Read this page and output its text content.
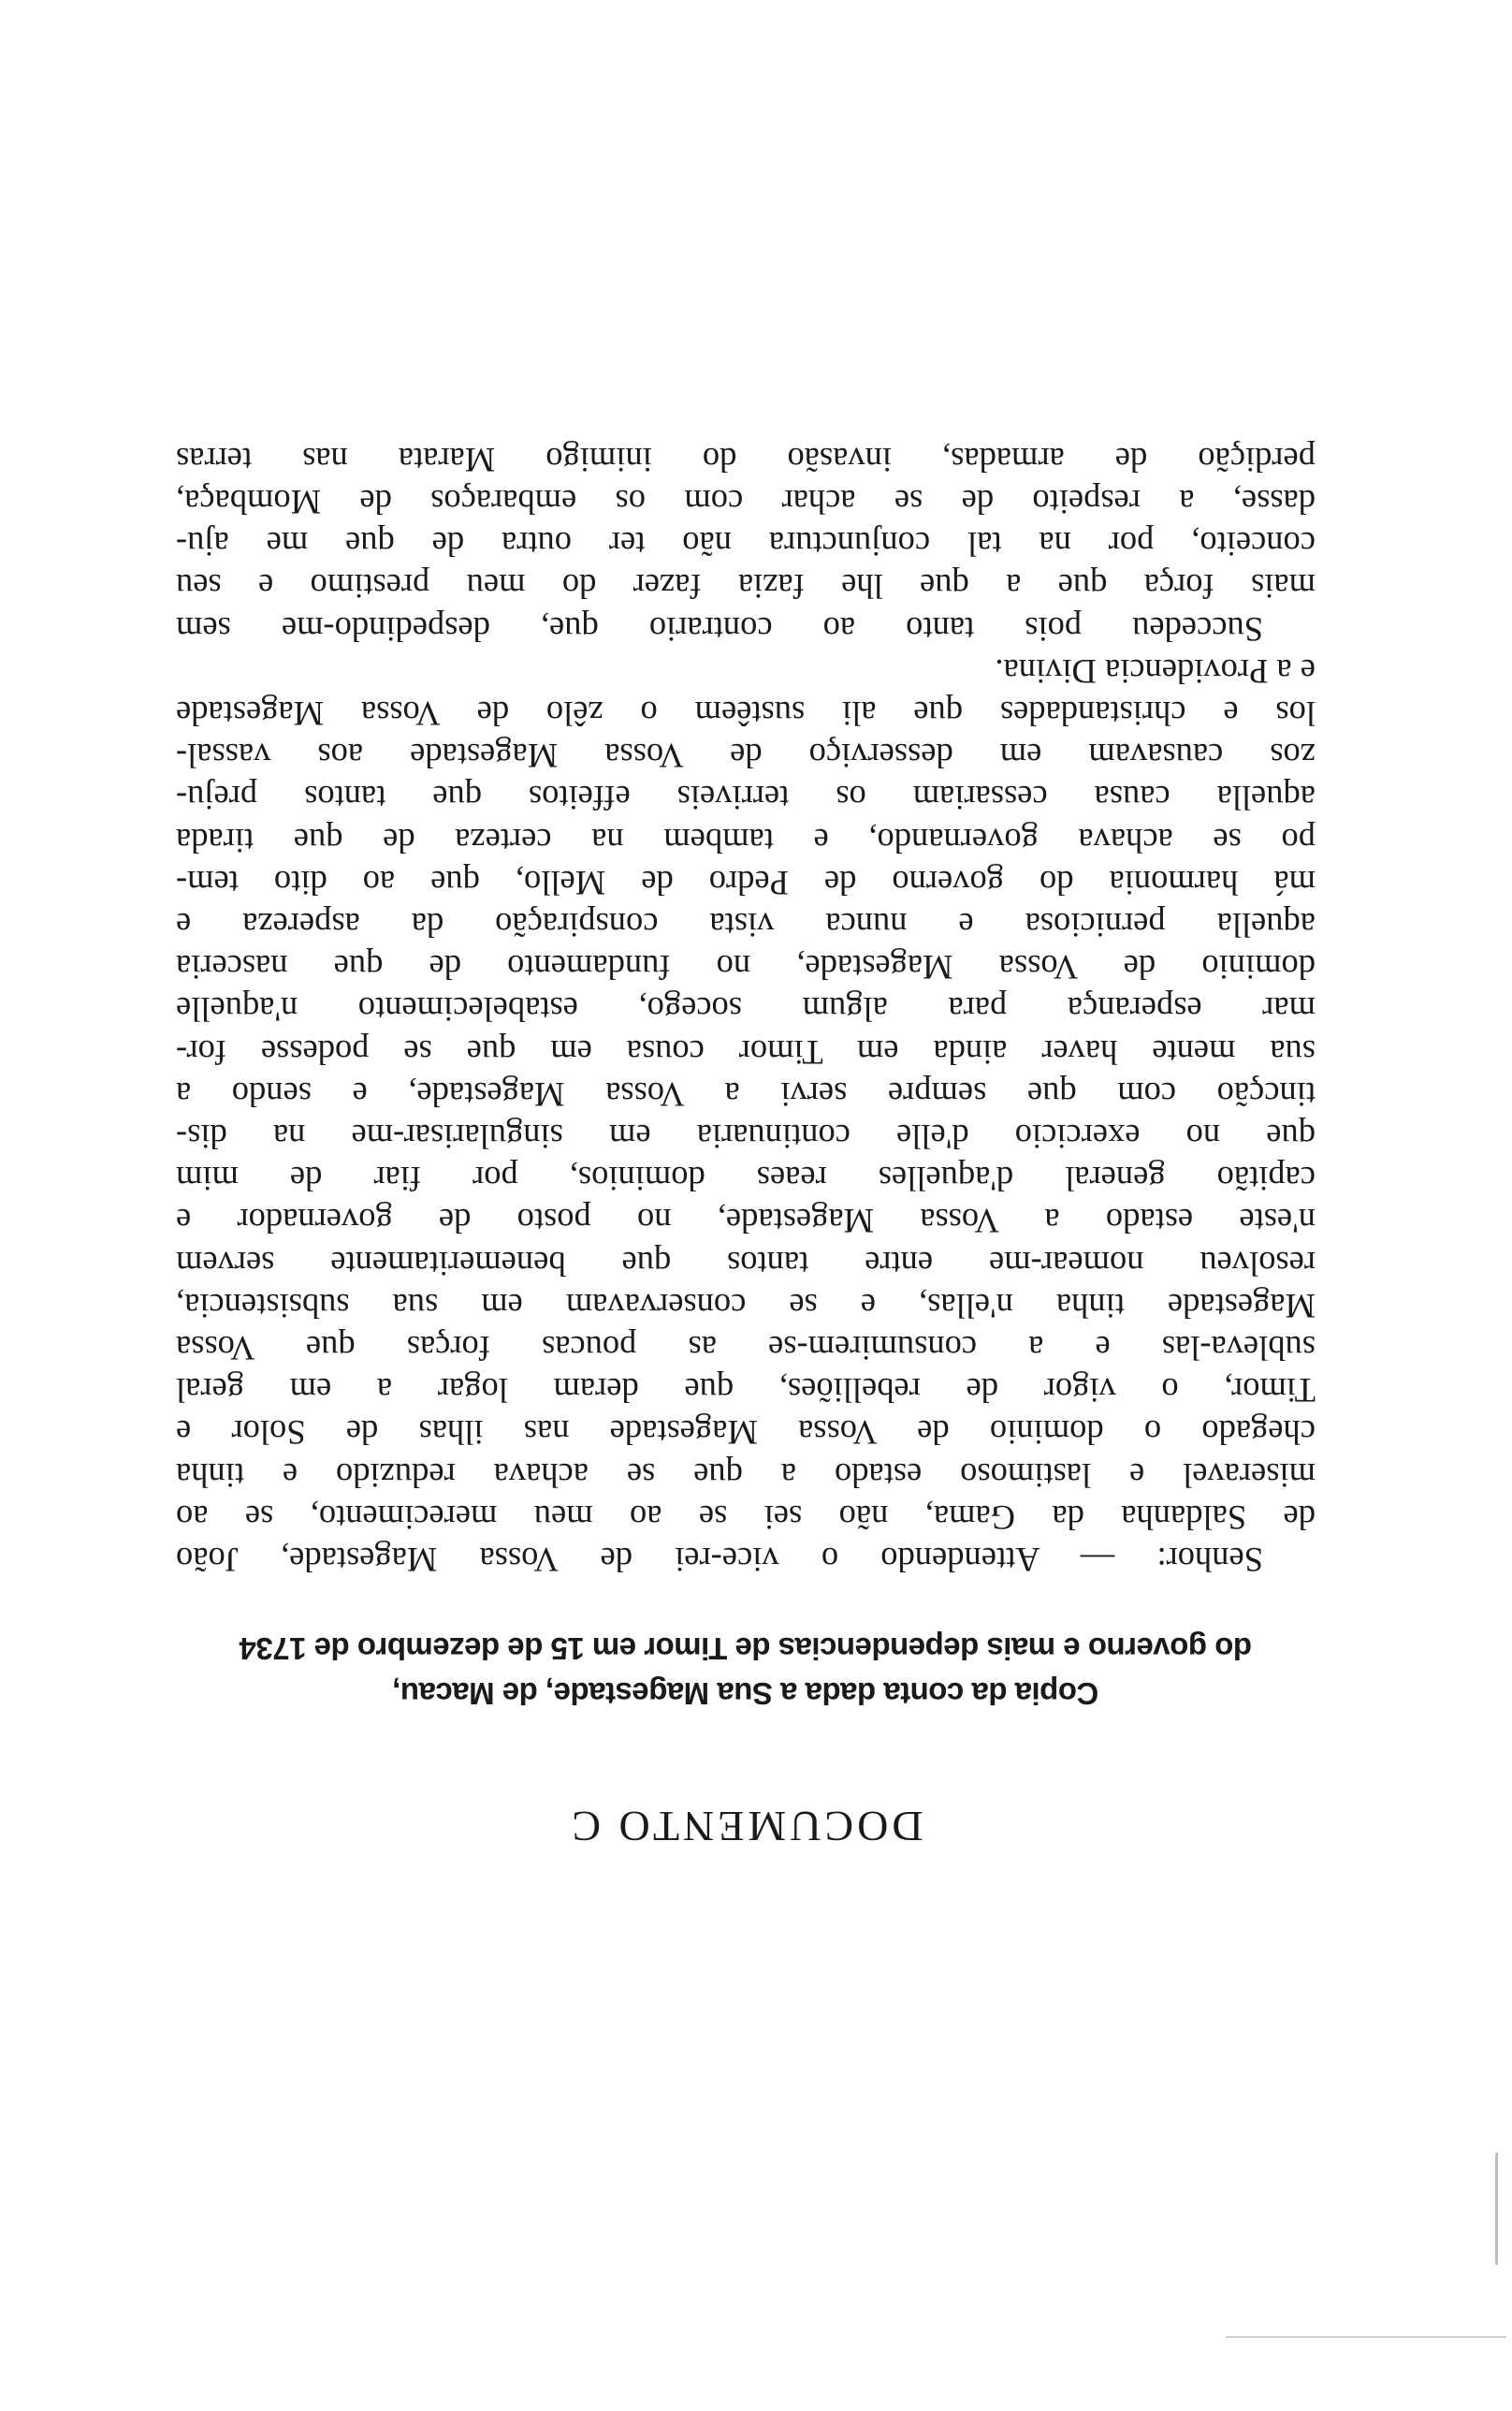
DOCUMENTO C
Copia da conta dada a Sua Magestade, de Macau,
do governo e mais dependencias de Timor em 15 de dezembro de 1734
Senhor: — Attendendo o vice-rei de Vossa Magestade, João
de Saldanha da Gama, não sei se ao meu merecimento, se ao
miseravel e lastimoso estado a que se achava reduzido e tinha
chegado o dominio de Vossa Magestade nas ilhas de Solor e
Timor, o vigor de rebelliões, que deram logar a em geral
sublevа-las e a consumirem-se as poucas forças que Vossa
Magestade tinha n'ellas, e se conservavam em sua subsistencia,
resolveu nomear-me entre tantos que benemeritamente servem
n'este estado a Vossa Magestade, no posto de governador e
capitão general d'aquelles reaes dominios, por fiar de mim
que no exercicio d'elle continuaria em singularisar-me na dis-
tincção com que sempre servi a Vossa Magestade, e sendo a
sua mente haver ainda em Timor cousa em que se podesse for-
mar esperança para algum socego, estabelecimento n'aquelle
dominio de Vossa Magestade, no fundamento de que nasceria
aquella perniciosa e nunca vista conspiração da aspereza e
má harmonia do governo de Pedro de Mello, que ao dito tem-
po se achava governando, e tambem na certeza de que tirada
aquella causa cessariam os terriveis effeitos que tantos preju-
zos causavam em desserviço de Vossa Magestade aos vassal-
los e christandades que ali sustêem o zêlo de Vossa Magestade
e a Providencia Divina.
Succedeu pois tanto ao contrario que, despedindo-me sem
mais força que a que lhe fazia fazer do meu prestimo e seu
conceito, por na tal conjunctura não ter outra de que me aju-
dasse, a respeito de se achar com os embaraços de Mombaça,
perdição de armadas, invasão do inimigo Marata nas terras
